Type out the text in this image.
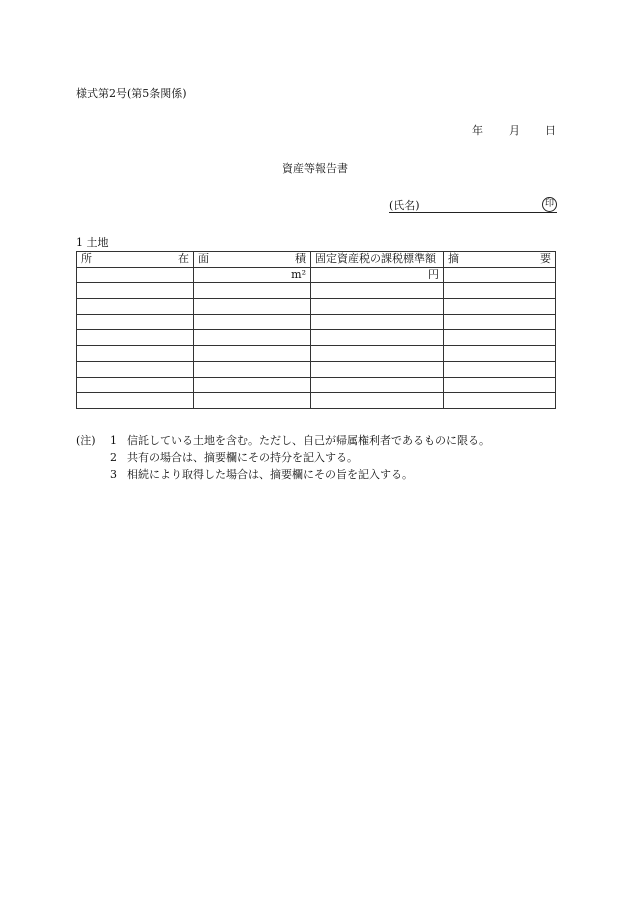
様式第2号(第5条関係)
年 月 日
資産等報告書
(氏名)	印
1 土地
所 在	面 積	固定資産税の課税標準額	摘 要

	m²	円	

(注)	1 信託している土地を含む。ただし、自己が帰属権利者であるものに限る。
2 共有の場合は、摘要欄にその持分を記入する。
3 相続により取得した場合は、摘要欄にその旨を記入する。
